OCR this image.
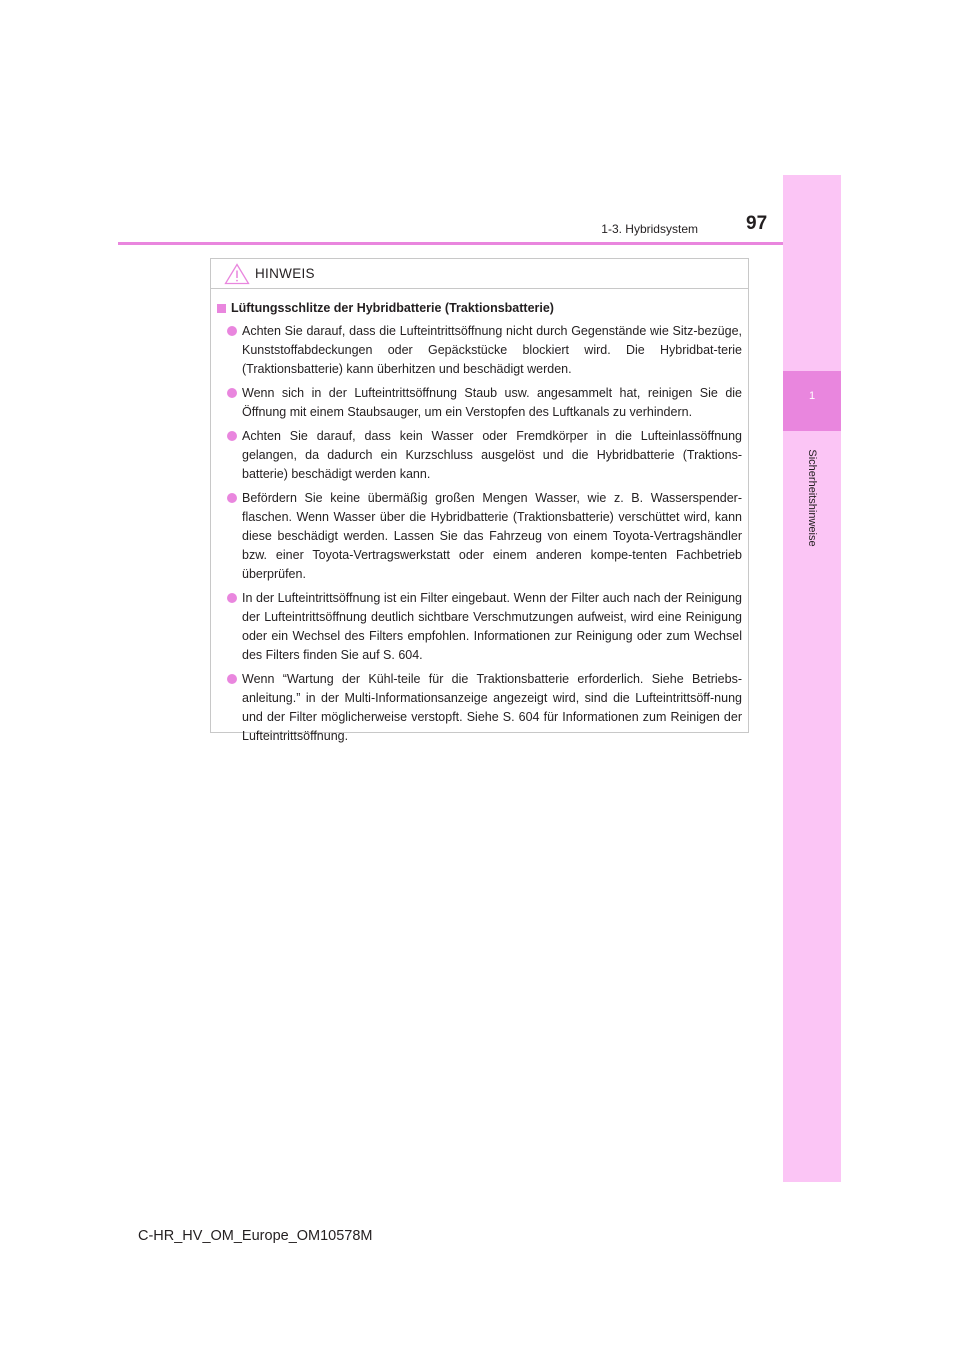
1
Sicherheitshinweise
1-3. Hybridsystem	97
HINWEIS
Lüftungsschlitze der Hybridbatterie (Traktionsbatterie)
Achten Sie darauf, dass die Lufteintrittsöffnung nicht durch Gegenstände wie Sitz-bezüge, Kunststoffabdeckungen oder Gepäckstücke blockiert wird. Die Hybridbat-terie (Traktionsbatterie) kann überhitzen und beschädigt werden.
Wenn sich in der Lufteintrittsöffnung Staub usw. angesammelt hat, reinigen Sie die Öffnung mit einem Staubsauger, um ein Verstopfen des Luftkanals zu verhindern.
Achten Sie darauf, dass kein Wasser oder Fremdkörper in die Lufteinlassöffnung gelangen, da dadurch ein Kurzschluss ausgelöst und die Hybridbatterie (Traktions-batterie) beschädigt werden kann.
Befördern Sie keine übermäßig großen Mengen Wasser, wie z. B. Wasserspender-flaschen. Wenn Wasser über die Hybridbatterie (Traktionsbatterie) verschüttet wird, kann diese beschädigt werden. Lassen Sie das Fahrzeug von einem Toyota-Vertragshändler bzw. einer Toyota-Vertragswerkstatt oder einem anderen kompe-tenten Fachbetrieb überprüfen.
In der Lufteintrittsöffnung ist ein Filter eingebaut. Wenn der Filter auch nach der Reinigung der Lufteintrittsöffnung deutlich sichtbare Verschmutzungen aufweist, wird eine Reinigung oder ein Wechsel des Filters empfohlen. Informationen zur Reinigung oder zum Wechsel des Filters finden Sie auf S. 604.
Wenn “Wartung der Kühl-teile für die Traktionsbatterie erforderlich. Siehe Betriebs-anleitung.” in der Multi-Informationsanzeige angezeigt wird, sind die Lufteintrittsöff-nung und der Filter möglicherweise verstopft. Siehe S. 604 für Informationen zum Reinigen der Lufteintrittsöffnung.
C-HR_HV_OM_Europe_OM10578M
